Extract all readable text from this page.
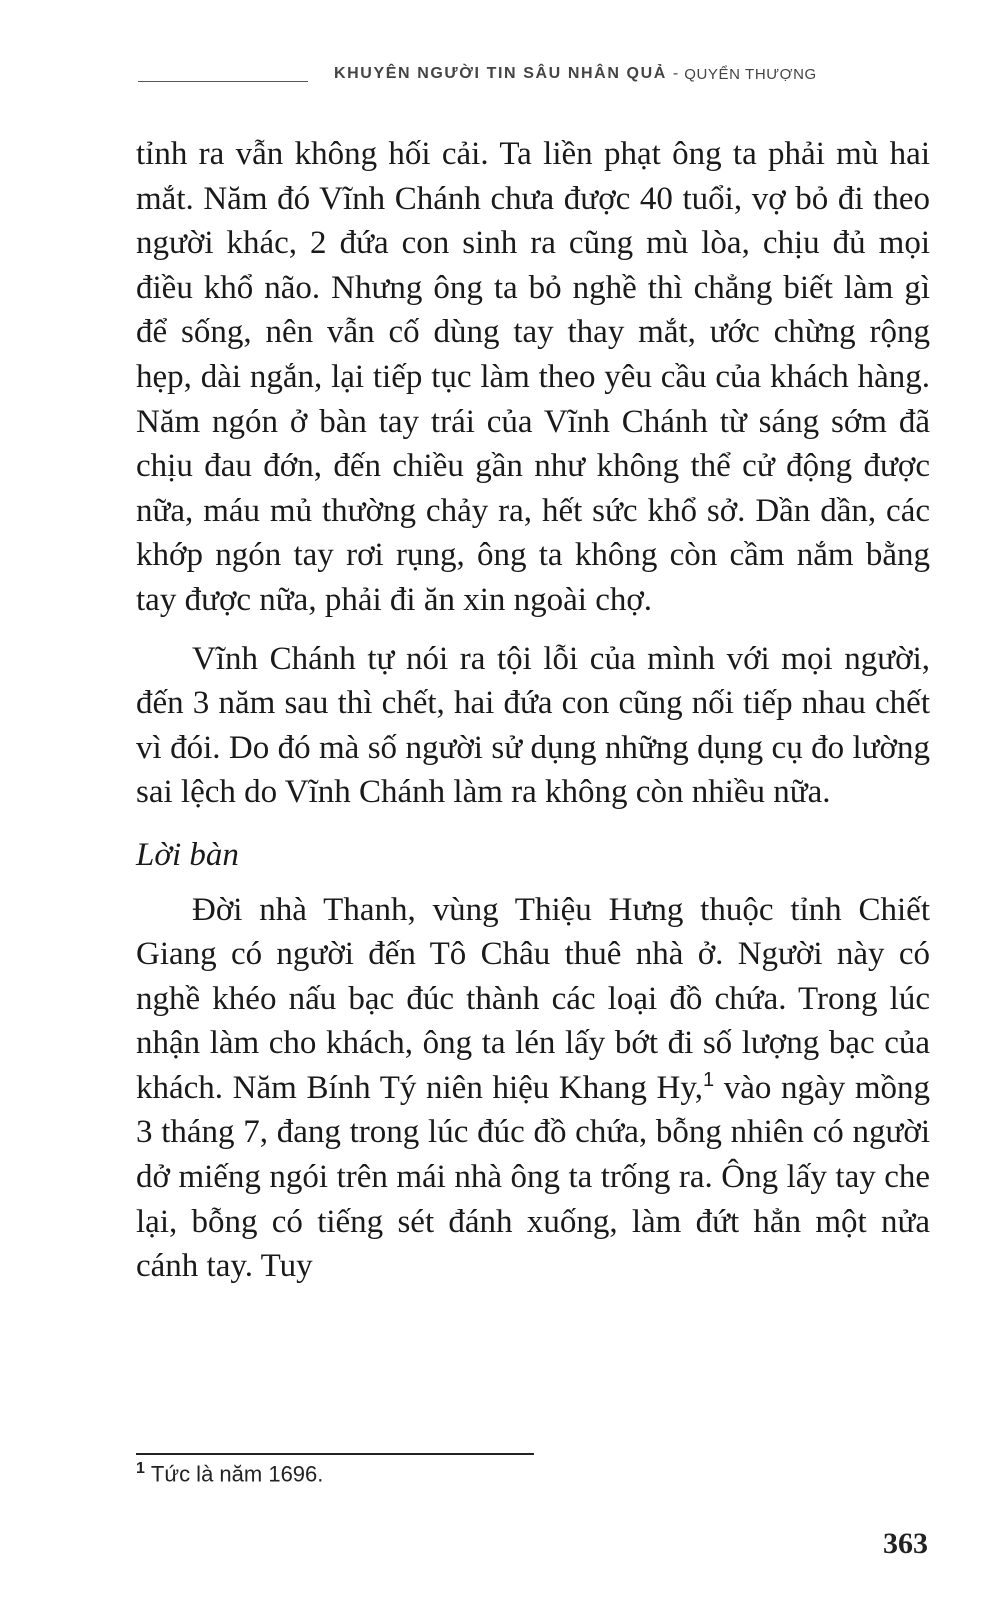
KHUYÊN NGƯỜI TIN SÂU NHÂN QUẢ - QUYỂN THƯỢNG

tỉnh ra vẫn không hối cải. Ta liền phạt ông ta phải mù hai mắt. Năm đó Vĩnh Chánh chưa được 40 tuổi, vợ bỏ đi theo người khác, 2 đứa con sinh ra cũng mù lòa, chịu đủ mọi điều khổ não. Nhưng ông ta bỏ nghề thì chẳng biết làm gì để sống, nên vẫn cố dùng tay thay mắt, ước chừng rộng hẹp, dài ngắn, lại tiếp tục làm theo yêu cầu của khách hàng. Năm ngón ở bàn tay trái của Vĩnh Chánh từ sáng sớm đã chịu đau đớn, đến chiều gần như không thể cử động được nữa, máu mủ thường chảy ra, hết sức khổ sở. Dần dần, các khớp ngón tay rơi rụng, ông ta không còn cầm nắm bằng tay được nữa, phải đi ăn xin ngoài chợ.

Vĩnh Chánh tự nói ra tội lỗi của mình với mọi người, đến 3 năm sau thì chết, hai đứa con cũng nối tiếp nhau chết vì đói. Do đó mà số người sử dụng những dụng cụ đo lường sai lệch do Vĩnh Chánh làm ra không còn nhiều nữa.

Lời bàn

Đời nhà Thanh, vùng Thiệu Hưng thuộc tỉnh Chiết Giang có người đến Tô Châu thuê nhà ở. Người này có nghề khéo nấu bạc đúc thành các loại đồ chứa. Trong lúc nhận làm cho khách, ông ta lén lấy bớt đi số lượng bạc của khách. Năm Bính Tý niên hiệu Khang Hy,$^1$ vào ngày mồng 3 tháng 7, đang trong lúc đúc đồ chứa, bỗng nhiên có người dở miếng ngói trên mái nhà ông ta trống ra. Ông lấy tay che lại, bỗng có tiếng sét đánh xuống, làm đứt hẳn một nửa cánh tay. Tuy

$^1$ Tức là năm 1696.
363
